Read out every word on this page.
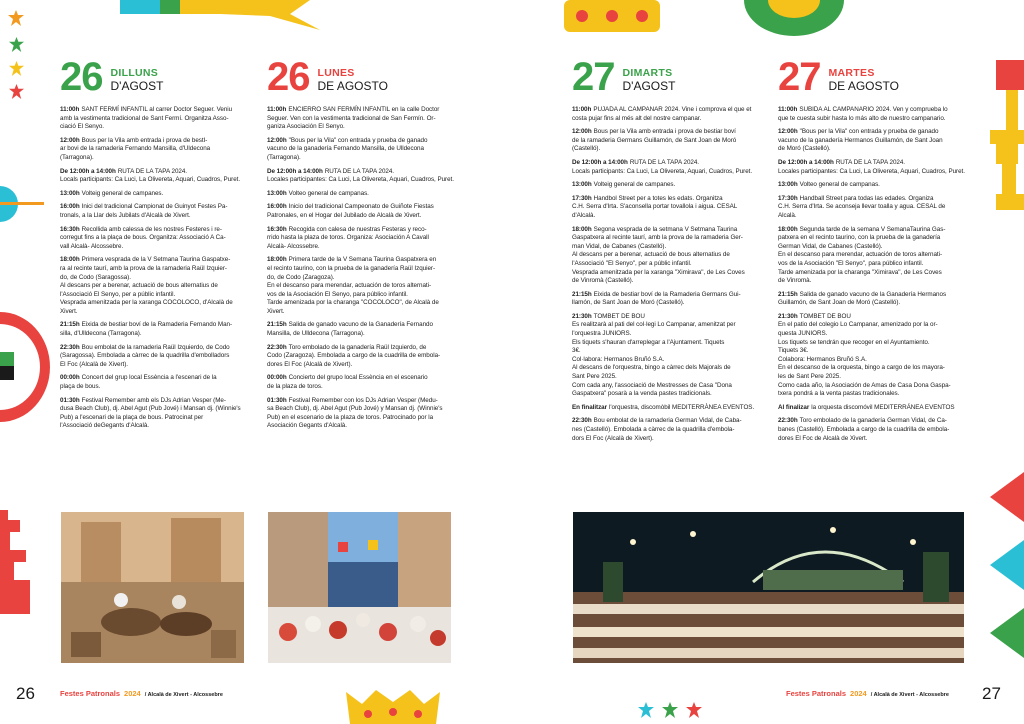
26 DILLUNS
D'AGOST
11:00h SANT FERMÍ INFANTIL al carrer Doctor Seguer. Veniu
amb la vestimenta tradicional de Sant Fermí. Organitza Asso-
ciació El Senyo.
12:00h Bous per la Vila amb entrada i prova de bestI-
ar bovi de la ramaderia Fernando Mansilla, d'Uldecona
(Tarragona).
De 12:00h a 14:00h RUTA DE LA TAPA 2024.
Locals participants: Ca Luci, La Olivereta, Aquari, Cuadros, Puret.
13:00h Volteig general de campanes.
16:00h Inici del tradicional Campionat de Guinyot Festes Pa-
tronals, a la Llar dels Jubilats d'Alcalà de Xivert.
16:30h Recollida amb calessa de les nostres Festeres i re-
corregut fins a la plaça de bous. Organitza: Associació A Ca-
vall Alcalà- Alcossebre.
18:00h Primera vesprada de la V Setmana Taurina Gaspatxe-
ra al recinte taurí, amb la prova de la ramaderia Raül Izquier-
do, de Codo (Saragossa).
Al descans per a berenar, actuació de bous alternatius de
l'Associació El Senyo, per a públic infantil.
Vesprada amenitzada per la xaranga COCOLOCO, d'Alcalà de
Xivert.
21:15h Eixida de bestiar boví de la Ramaderia Fernando Man-
silla, d'Ulldecona (Tarragona).
22:30h Bou embolat de la ramaderia Raül Izquierdo, de Codo
(Saragossa). Embolada a càrrec de la quadrilla d'embolladors
El Foc (Alcalà de Xivert).
00:00h Concert del grup local Essència a l'escenari de la
plaça de bous.
01:30h Festival Remember amb els DJs Adrian Vesper (Me-
dusa Beach Club), dj. Abel Agut (Pub Jové) i Mansan dj. (Winnie's
Pub) a l'escenari de la plaça de bous. Patrocinat per
l'Associació deGegants d'Alcalà.
26 LUNES
DE AGOSTO
11:00h ENCIERRO SAN FERMÍN INFANTIL en la calle Doctor
Seguer. Ven con la vestimenta tradicional de San Fermín. Or-
ganiza Asociación El Senyo.
12:00h "Bous per la Vila" con entrada y prueba de ganado
vacuno de la ganadería Fernando Mansilla, de Ulldecona
(Tarragona).
De 12:00h a 14:00h RUTA DE LA TAPA 2024.
Locales participantes: Ca Luci, La Olivereta, Aquari, Cuadros, Puret.
13:00h Volteo general de campanas.
16:00h Inicio del tradicional Campeonato de Guiñote Fiestas
Patronales, en el Hogar del Jubilado de Alcalà de Xivert.
16:30h Recogida con calesa de nuestras Festeras y reco-
rrido hasta la plaza de toros. Organiza: Asociación A Cavall
Alcalà- Alcossebre.
18:00h Primera tarde de la V Semana Taurina Gaspatxera en
el recinto taurino, con la prueba de la ganadería Raül Izquier-
do, de Codo (Zaragoza).
En el descanso para merendar, actuación de toros alternati-
vos de la Asociación El Senyo, para público infantil.
Tarde amenizada por la charanga "COCOLOCO", de Alcalà de
Xivert.
21:15h Salida de ganado vacuno de la Ganadería Fernando
Mansilla, de Ulldecona (Tarragona).
22:30h Toro embolado de la ganadería Raül Izquierdo, de
Codo (Zaragoza). Embolada a cargo de la cuadrilla de embola-
dores El Foc (Alcalà de Xivert).
00:00h Concierto del grupo local Essència en el escenario
de la plaza de toros.
01:30h Festival Remember con los DJs Adrian Vesper (Medu-
sa Beach Club), dj. Abel Agut (Pub Jové) y Mansan dj. (Winnie's
Pub) en el escenario de la plaza de toros. Patrocinado por la
Asociación Gegants d'Alcalà.
27 DIMARTS
D'AGOST
11:00h PUJADA AL CAMPANAR 2024. Vine i comprova el que et
costa pujar fins al més alt del nostre campanar.
12:00h Bous per la Vila amb entrada i prova de bestiar boví
de la ramaderia Germans Guillamón, de Sant Joan de Moró
(Castelló).
De 12:00h a 14:00h RUTA DE LA TAPA 2024.
Locals participants: Ca Luci, La Olivereta, Aquari, Cuadros, Puret.
13:00h Volteig general de campanes.
17:30h Handbol Street per a totes les edats. Organitza
C.H. Serra d'Irta. S'aconsella portar tovallola i aigua. CESAL
d'Alcalà.
18:00h Segona vesprada de la setmana V Setmana Taurina
Gaspatxera al recinte taurí, amb la prova de la ramaderia Ger-
man Vidal, de Cabanes (Castelló).
Al descans per a berenar, actuació de bous alternatius de
l'Associació "El Senyo", per a públic infantil.
Vesprada amenitzada per la xaranga "Ximirava", de Les Coves
de Vinromà (Castelló).
21:15h Eixida de bestiar boví de la Ramaderia Germans Gui-
llamón, de Sant Joan de Moró (Castelló).
21:30h TOMBET DE BOU
Es realitzarà al pati del col·legi Lo Campanar, amenitzat per
l'orquestra JUNIORS.
Els tiquets s'hauran d'arreplegar a l'Ajuntament. Tiquets
3€.
Col·labora: Hermanos Bruñó S.A.
Al descans de l'orquestra, bingo a càrrec dels Majorals de
Sant Pere 2025.
Com cada any, l'associació de Mestresses de Casa "Dona
Gaspatxera" posarà a la venda pastes tradicionals.
En finalitzar l'orquestra, discomòbil MEDITERRÀNEA EVENTOS.
22:30h Bou embolat de la ramaderia German Vidal, de Caba-
nes (Castelló). Embolada a càrrec de la quadrilla d'embola-
dors El Foc (Alcalà de Xivert).
27 MARTES
DE AGOSTO
11:00h SUBIDA AL CAMPANARIO 2024. Ven y comprueba lo
que te cuesta subir hasta lo más alto de nuestro campanario.
12:00h "Bous per la Vila" con entrada y prueba de ganado
vacuno de la ganadería Hermanos Guillamón, de Sant Joan
de Moró (Castelló).
De 12:00h a 14:00h RUTA DE LA TAPA 2024.
Locales participantes: Ca Luci, La Olivereta, Aquari, Cuadros, Puret.
13:00h Volteo general de campanas.
17:30h Handball Street para todas las edades. Organiza
C.H. Serra d'Irta. Se aconseja llevar toalla y agua. CESAL de
Alcalà.
18:00h Segunda tarde de la semana V SemanaTaurina Gas-
patxera en el recinto taurino, con la prueba de la ganadería
German Vidal, de Cabanes (Castelló).
En el descanso para merendar, actuación de toros alternati-
vos de la Asociación "El Senyo", para público infantil.
Tarde amenizada por la charanga "Ximirava", de Les Coves
de Vinromà.
21:15h Salida de ganado vacuno de la Ganadería Hermanos
Guillamón, de Sant Joan de Moró (Castelló).
21:30h TOMBET DE BOU
En el patio del colegio Lo Campanar, amenizado por la or-
questa JUNIORS.
Los tiquets se tendrán que recoger en el Ayuntamiento.
Tiquets 3€.
Colabora: Hermanos Bruñó S.A.
En el descanso de la orquesta, bingo a cargo de los mayora-
les de Sant Pere 2025.
Como cada año, la Asociación de Amas de Casa Dona Gaspa-
txera pondrá a la venta pastas tradicionales.
Al finalizar la orquesta discomóvil MEDITERRÁNEA EVENTOS
22:30h Toro embolado de la ganadería German Vidal, de Ca-
banes (Castelló). Embolada a cargo de la cuadrilla de embola-
dores El Foc de Alcalà de Xivert.
26	Festes Patronals 2024 / Alcalà de Xivert - Alcossebre	Festes Patronals 2024 / Alcalà de Xivert - Alcossebre 27
